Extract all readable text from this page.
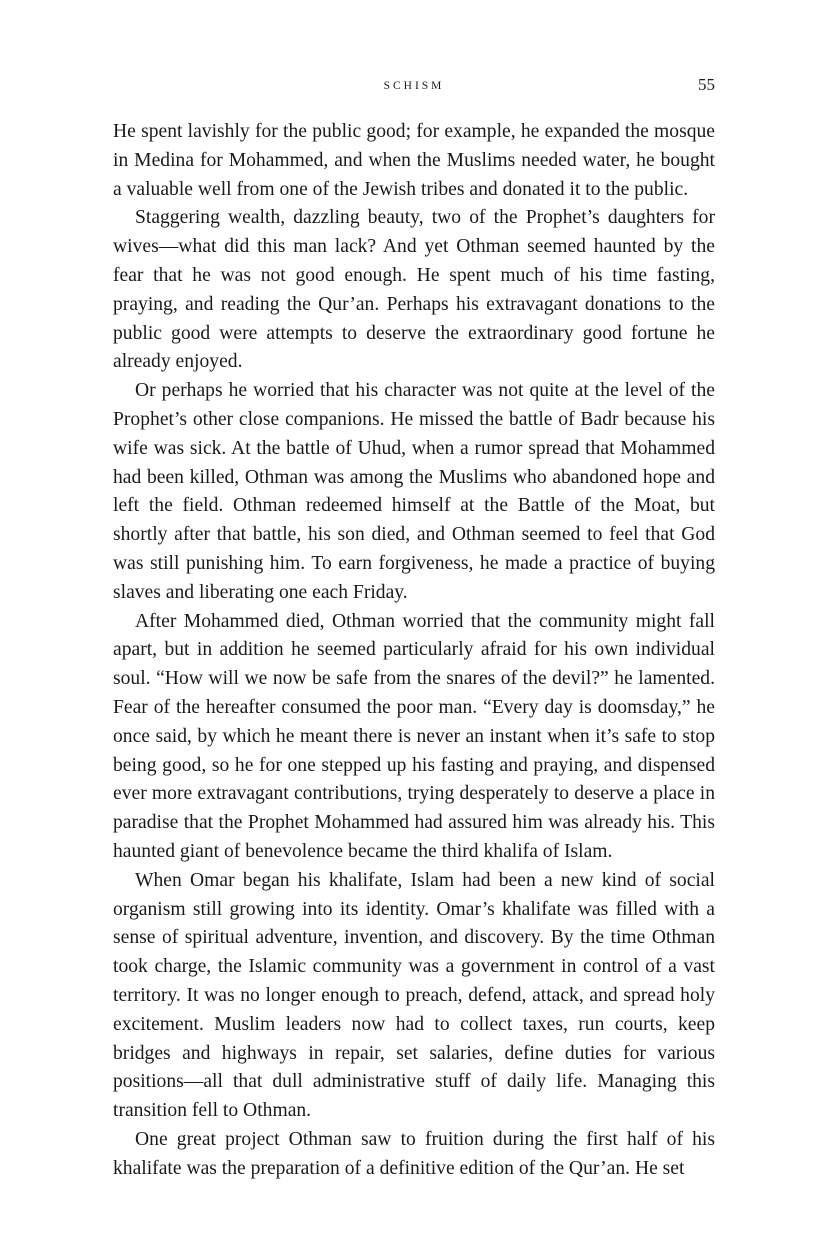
SCHISM	55

He spent lavishly for the public good; for example, he expanded the mosque in Medina for Mohammed, and when the Muslims needed water, he bought a valuable well from one of the Jewish tribes and donated it to the public.

Staggering wealth, dazzling beauty, two of the Prophet’s daughters for wives—what did this man lack? And yet Othman seemed haunted by the fear that he was not good enough. He spent much of his time fasting, praying, and reading the Qur’an. Perhaps his extravagant donations to the public good were attempts to deserve the extraordinary good fortune he already enjoyed.

Or perhaps he worried that his character was not quite at the level of the Prophet’s other close companions. He missed the battle of Badr because his wife was sick. At the battle of Uhud, when a rumor spread that Mohammed had been killed, Othman was among the Muslims who abandoned hope and left the field. Othman redeemed himself at the Battle of the Moat, but shortly after that battle, his son died, and Othman seemed to feel that God was still punishing him. To earn forgiveness, he made a practice of buying slaves and liberating one each Friday.

After Mohammed died, Othman worried that the community might fall apart, but in addition he seemed particularly afraid for his own individual soul. “How will we now be safe from the snares of the devil?” he lamented. Fear of the hereafter consumed the poor man. “Every day is doomsday,” he once said, by which he meant there is never an instant when it’s safe to stop being good, so he for one stepped up his fasting and praying, and dispensed ever more extravagant contributions, trying desperately to deserve a place in paradise that the Prophet Mohammed had assured him was already his. This haunted giant of benevolence became the third khalifa of Islam.

When Omar began his khalifate, Islam had been a new kind of social organism still growing into its identity. Omar’s khalifate was filled with a sense of spiritual adventure, invention, and discovery. By the time Othman took charge, the Islamic community was a government in control of a vast territory. It was no longer enough to preach, defend, attack, and spread holy excitement. Muslim leaders now had to collect taxes, run courts, keep bridges and highways in repair, set salaries, define duties for various positions—all that dull administrative stuff of daily life. Managing this transition fell to Othman.

One great project Othman saw to fruition during the first half of his khalifate was the preparation of a definitive edition of the Qur’an. He set
